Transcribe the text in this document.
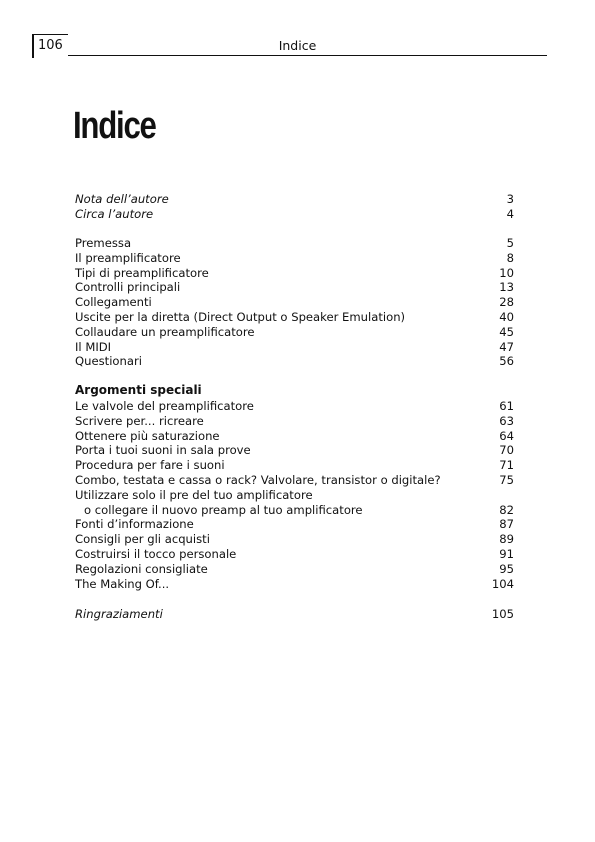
106	Indice
Indice
Nota dell’autore	3
Circa l’autore	4
Premessa	5
Il preamplificatore	8
Tipi di preamplificatore	10
Controlli principali	13
Collegamenti	28
Uscite per la diretta (Direct Output o Speaker Emulation)	40
Collaudare un preamplificatore	45
Il MIDI	47
Questionari	56
Argomenti speciali
Le valvole del preamplificatore	61
Scrivere per... ricreare	63
Ottenere più saturazione	64
Porta i tuoi suoni in sala prove	70
Procedura per fare i suoni	71
Combo, testata e cassa o rack? Valvolare, transistor o digitale?	75
Utilizzare solo il pre del tuo amplificatore
o collegare il nuovo preamp al tuo amplificatore	82
Fonti d’informazione	87
Consigli per gli acquisti	89
Costruirsi il tocco personale	91
Regolazioni consigliate	95
The Making Of...	104
Ringraziamenti	105
